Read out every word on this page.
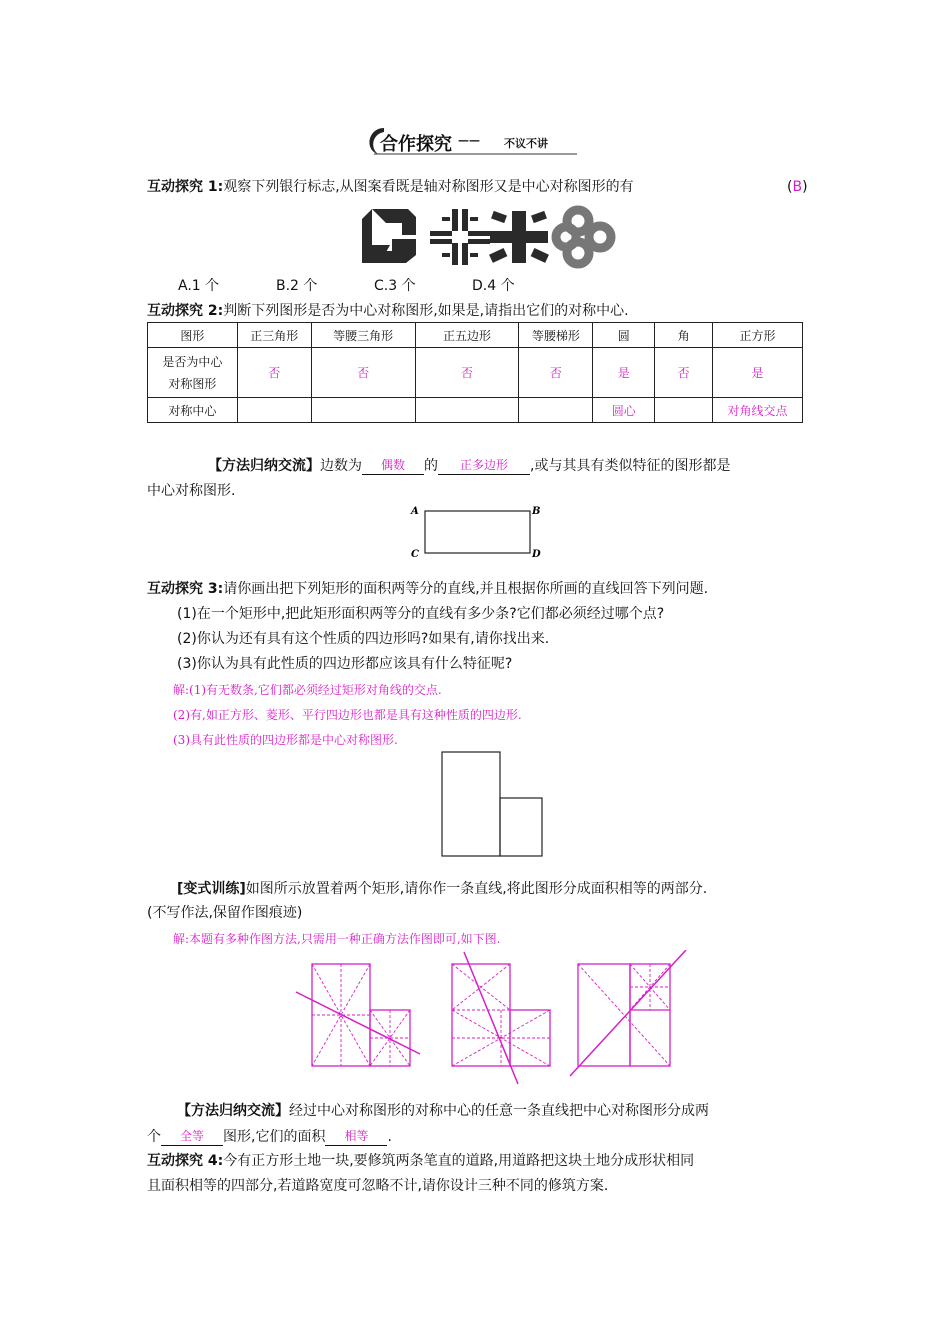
合作探究 —— 不议不讲
互动探究 1:观察下列银行标志,从图案看既是轴对称图形又是中心对称图形的有	(B)
A.1 个	B.2 个	C.3 个	D.4 个
互动探究 2:判断下列图形是否为中心对称图形,如果是,请指出它们的对称中心.
图形	正三角形	等腰三角形	正五边形	等腰梯形	圆	角	正方形

是否为中心
对称图形	否	否	否	否	是	否	是
对称中心					圆心		对角线交点
【方法归纳交流】边数为 偶数 的 正多边形 ,或与其具有类似特征的图形都是
中心对称图形.
A	B
C	D
互动探究 3:请你画出把下列矩形的面积两等分的直线,并且根据你所画的直线回答下列问题.
(1)在一个矩形中,把此矩形面积两等分的直线有多少条?它们都必须经过哪个点?
(2)你认为还有具有这个性质的四边形吗?如果有,请你找出来.
(3)你认为具有此性质的四边形都应该具有什么特征呢?
解:(1)有无数条,它们都必须经过矩形对角线的交点.
(2)有,如正方形、菱形、平行四边形也都是具有这种性质的四边形.
(3)具有此性质的四边形都是中心对称图形.
[变式训练]如图所示放置着两个矩形,请你作一条直线,将此图形分成面积相等的两部分.
(不写作法,保留作图痕迹)
解:本题有多种作图方法,只需用一种正确方法作图即可,如下图.
【方法归纳交流】经过中心对称图形的对称中心的任意一条直线把中心对称图形分成两
个 全等 图形,它们的面积 相等 .
互动探究 4:今有正方形土地一块,要修筑两条笔直的道路,用道路把这块土地分成形状相同
且面积相等的四部分,若道路宽度可忽略不计,请你设计三种不同的修筑方案.
